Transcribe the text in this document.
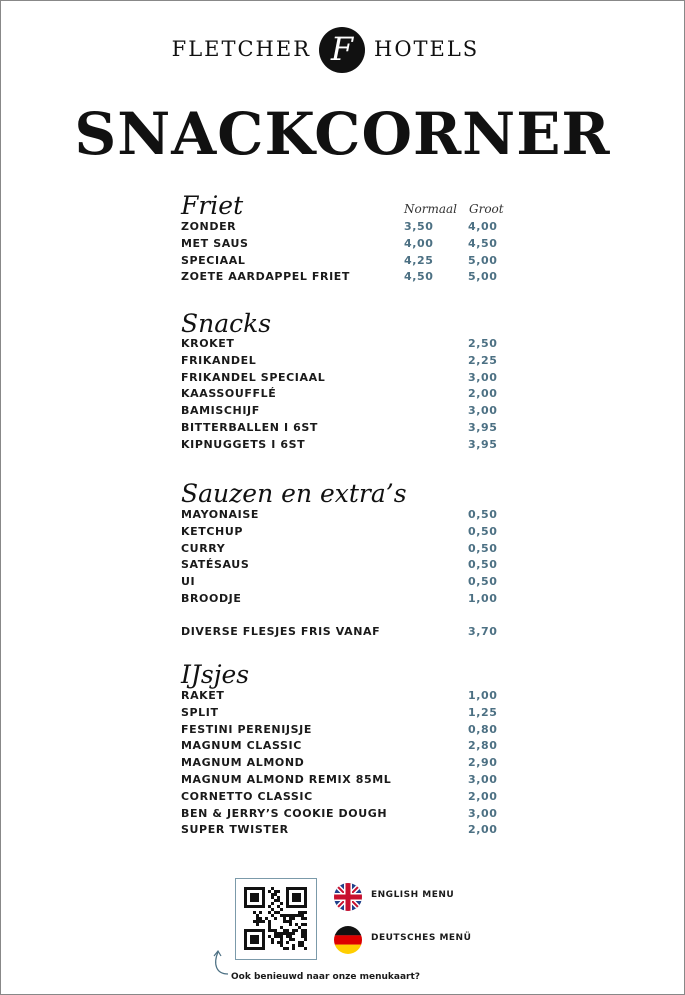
FLETCHER F HOTELS
SNACKCORNER
Friet	Normaal Groot
ZONDER	3,50	4,00
MET SAUS	4,00	4,50
SPECIAAL	4,25	5,00
ZOETE AARDAPPEL FRIET	4,50	5,00
Snacks
KROKET	2,50
FRIKANDEL	2,25
FRIKANDEL SPECIAAL	3,00
KAASSOUFFLÉ	2,00
BAMISCHIJF	3,00
BITTERBALLEN I 6ST	3,95
KIPNUGGETS I 6ST	3,95
Sauzen en extra’s
MAYONAISE	0,50
KETCHUP	0,50
CURRY	0,50
SATÉSAUS	0,50
UI	0,50
BROODJE	1,00
DIVERSE FLESJES FRIS VANAF	3,70
IJsjes
RAKET	1,00
SPLIT	1,25
FESTINI PERENIJSJE	0,80
MAGNUM CLASSIC	2,80
MAGNUM ALMOND	2,90
MAGNUM ALMOND REMIX 85ML	3,00
CORNETTO CLASSIC	2,00
BEN & JERRY’S COOKIE DOUGH	3,00
SUPER TWISTER	2,00
ENGLISH MENU
DEUTSCHES MENÜ
Ook benieuwd naar onze menukaart?
